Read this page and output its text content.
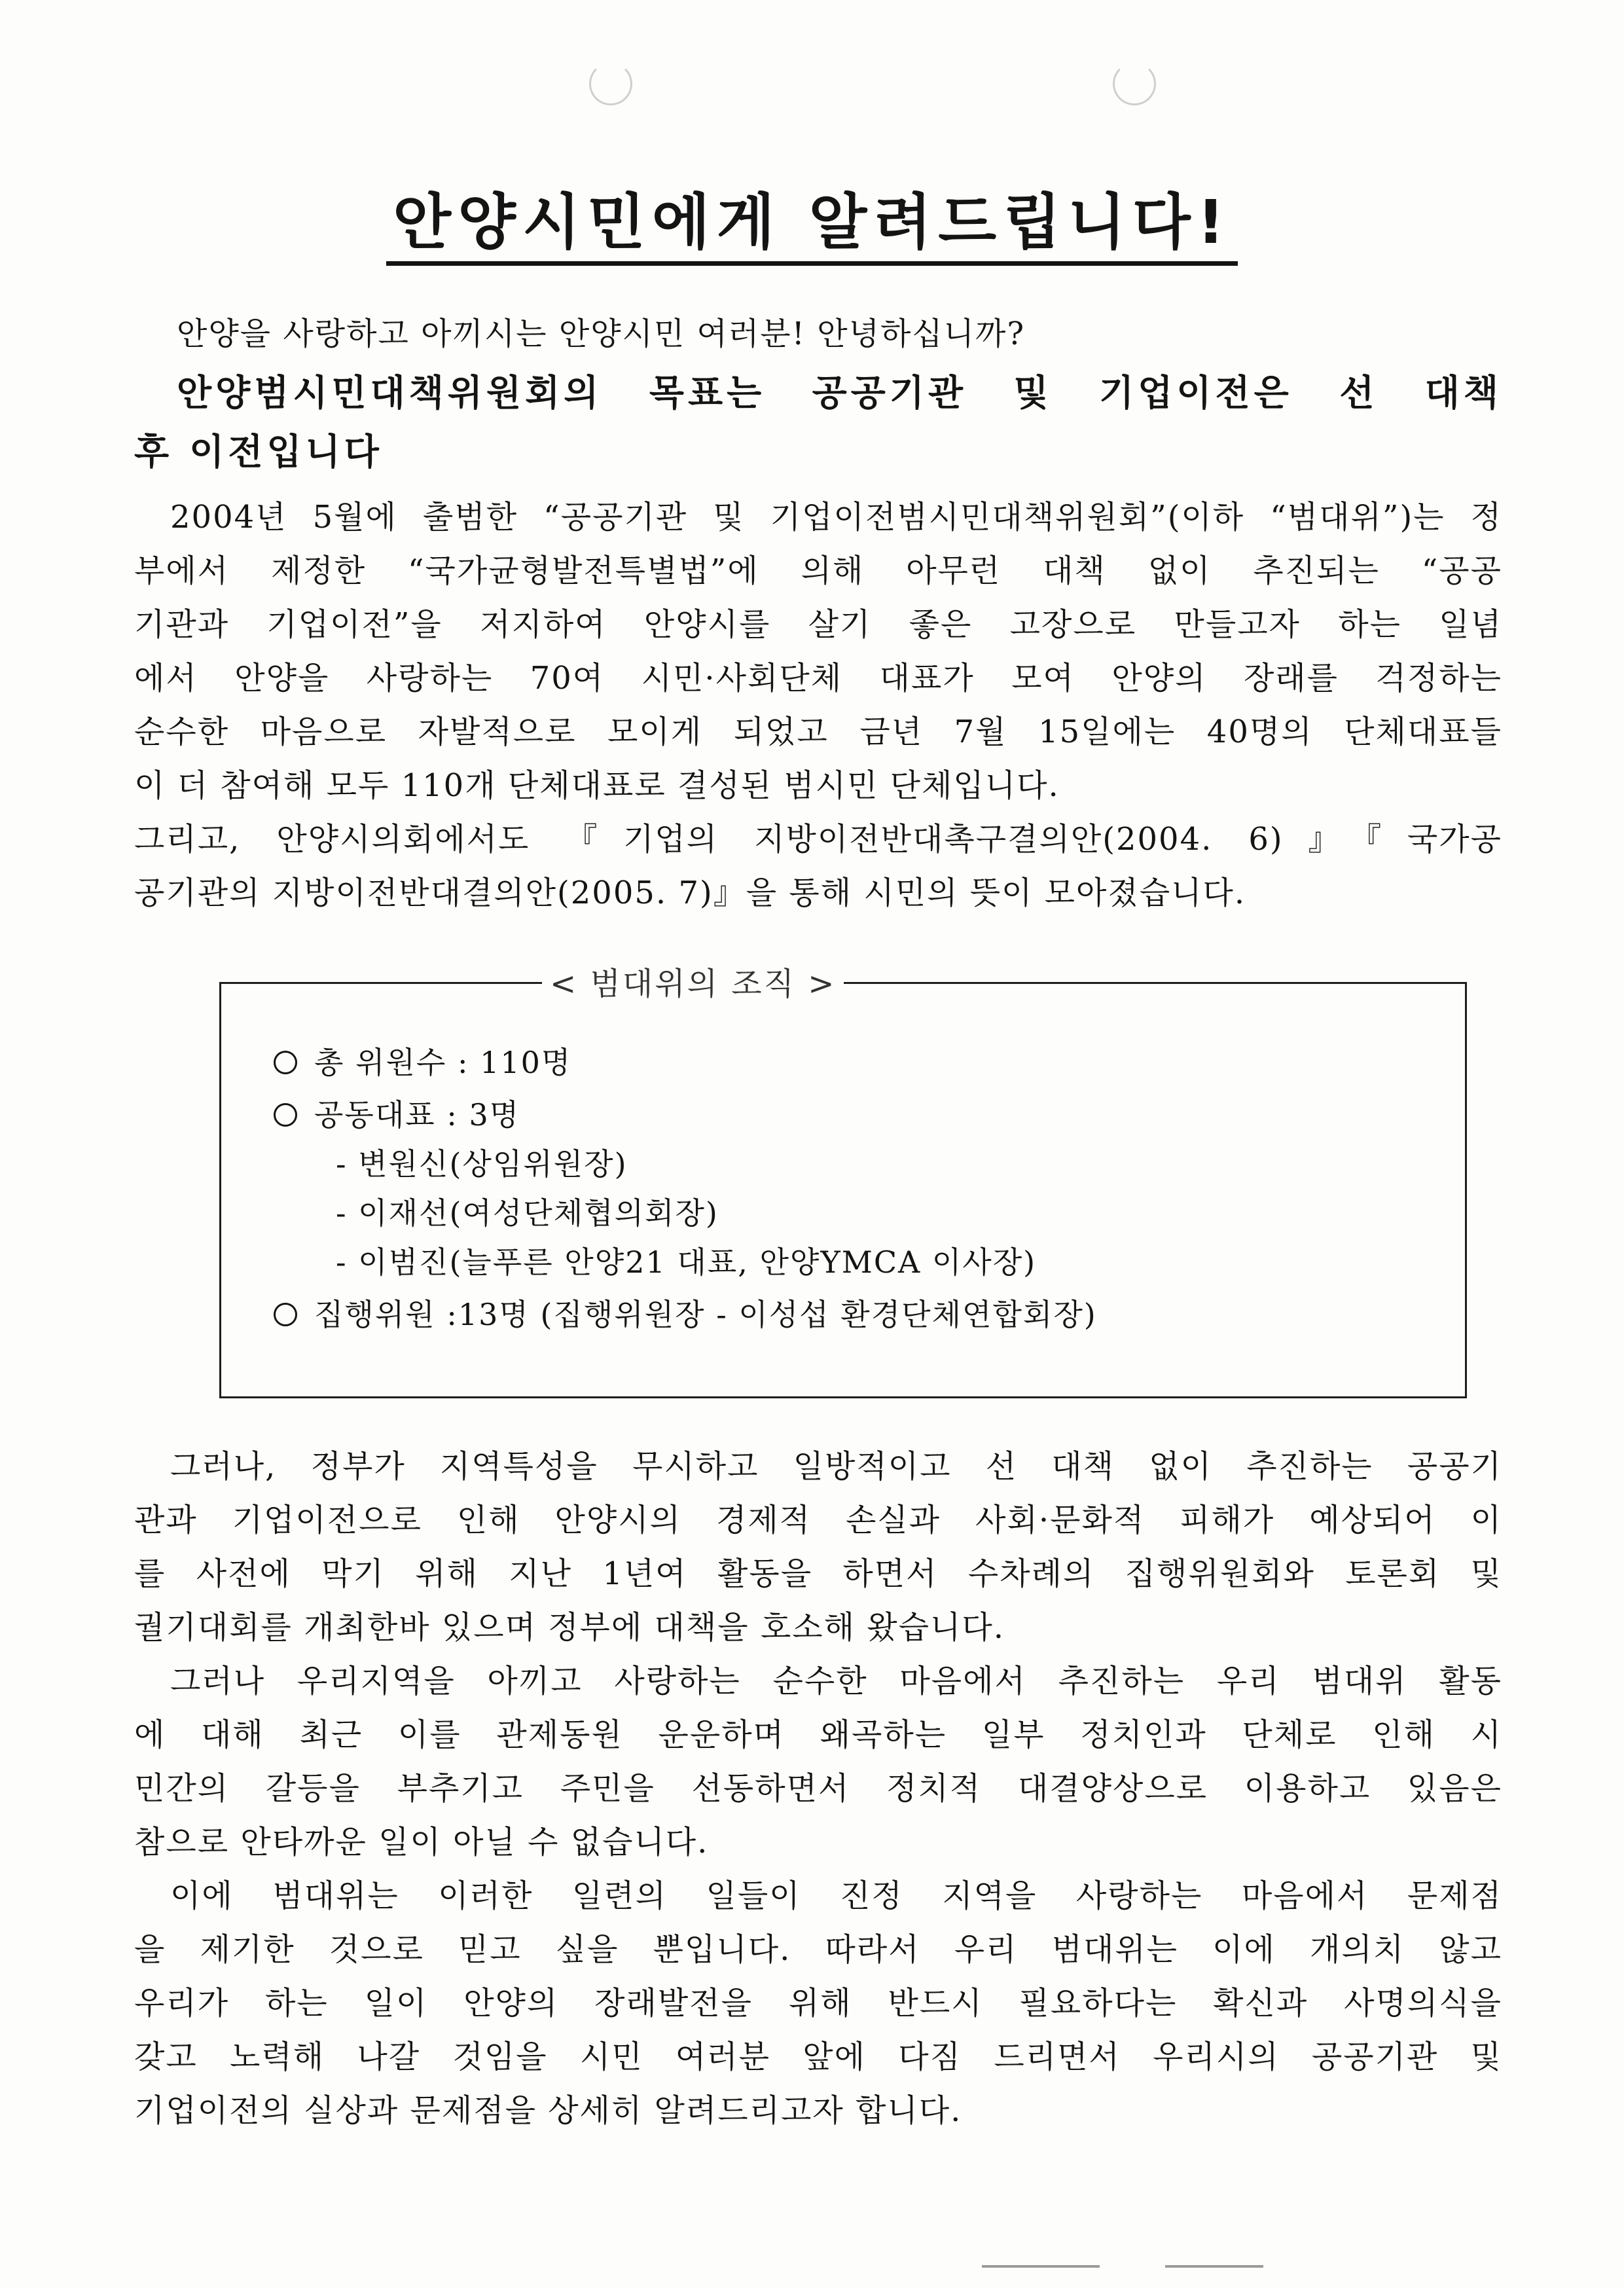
안양시민에게 알려드립니다!
안양을 사랑하고 아끼시는 안양시민 여러분! 안녕하십니까?
안양범시민대책위원회의 목표는 공공기관 및 기업이전은 선 대책
후 이전입니다
2004년 5월에 출범한 “공공기관 및 기업이전범시민대책위원회”(이하 “범대위”)는 정
부에서 제정한 “국가균형발전특별법”에 의해 아무런 대책 없이 추진되는 “공공
기관과 기업이전”을 저지하여 안양시를 살기 좋은 고장으로 만들고자 하는 일념
에서 안양을 사랑하는 70여 시민·사회단체 대표가 모여 안양의 장래를 걱정하는
순수한 마음으로 자발적으로 모이게 되었고 금년 7월 15일에는 40명의 단체대표들
이 더 참여해 모두 110개 단체대표로 결성된 범시민 단체입니다.
그리고, 안양시의회에서도 『기업의 지방이전반대촉구결의안(2004. 6)』『국가공
공기관의 지방이전반대결의안(2005. 7)』을 통해 시민의 뜻이 모아졌습니다.
< 범대위의 조직 >
총 위원수 : 110명
공동대표 : 3명
- 변원신(상임위원장)
- 이재선(여성단체협의회장)
- 이범진(늘푸른 안양21 대표, 안양YMCA 이사장)
집행위원 :13명 (집행위원장 - 이성섭 환경단체연합회장)
그러나, 정부가 지역특성을 무시하고 일방적이고 선 대책 없이 추진하는 공공기
관과 기업이전으로 인해 안양시의 경제적 손실과 사회·문화적 피해가 예상되어 이
를 사전에 막기 위해 지난 1년여 활동을 하면서 수차례의 집행위원회와 토론회 및
궐기대회를 개최한바 있으며 정부에 대책을 호소해 왔습니다.
그러나 우리지역을 아끼고 사랑하는 순수한 마음에서 추진하는 우리 범대위 활동
에 대해 최근 이를 관제동원 운운하며 왜곡하는 일부 정치인과 단체로 인해 시
민간의 갈등을 부추기고 주민을 선동하면서 정치적 대결양상으로 이용하고 있음은
참으로 안타까운 일이 아닐 수 없습니다.
이에 범대위는 이러한 일련의 일들이 진정 지역을 사랑하는 마음에서 문제점
을 제기한 것으로 믿고 싶을 뿐입니다. 따라서 우리 범대위는 이에 개의치 않고
우리가 하는 일이 안양의 장래발전을 위해 반드시 필요하다는 확신과 사명의식을
갖고 노력해 나갈 것임을 시민 여러분 앞에 다짐 드리면서 우리시의 공공기관 및
기업이전의 실상과 문제점을 상세히 알려드리고자 합니다.
